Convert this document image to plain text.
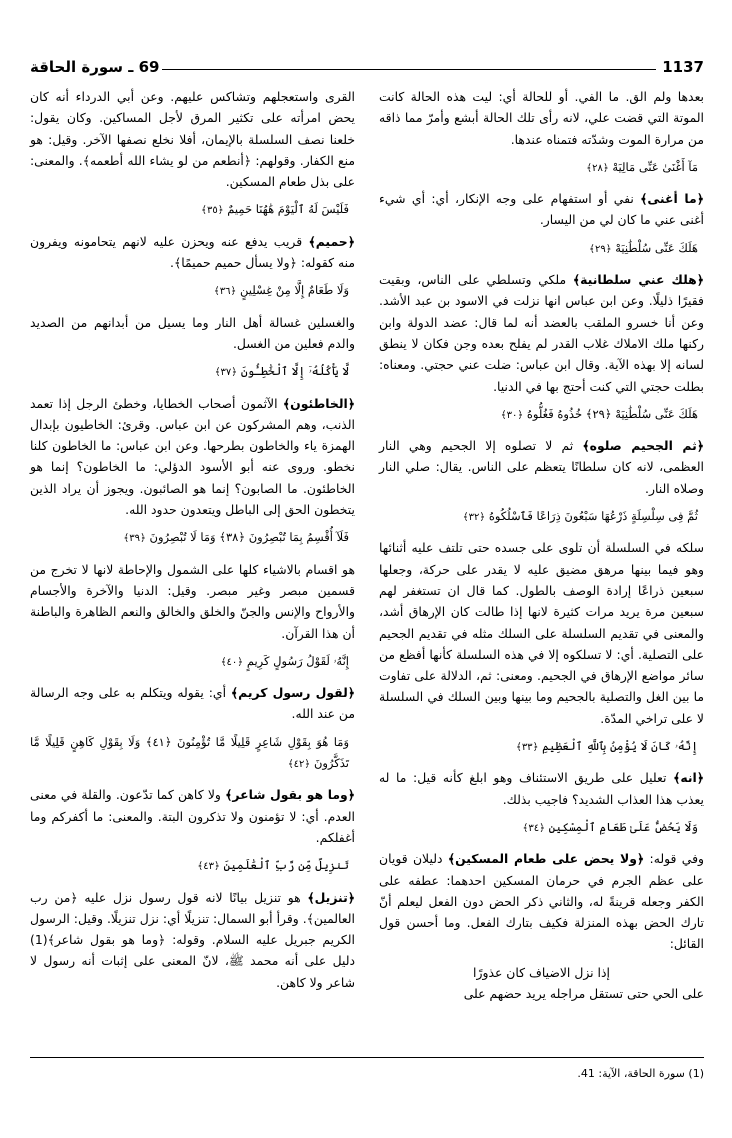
1137
69 ـ سورة الحاقة

بعدها ولم الق. ما الفي. أو للحالة أي: ليت هذه الحالة كانت الموتة التي قضت علي، لانه رأى تلك الحالة أبشع وأمرّ مما ذاقه من مرارة الموت وشدّته فتمناه عندها.

مَآ أَغْنَىٰ عَنِّى مَالِيَهْ ﴿٢٨﴾

﴿ما أغنى﴾ نفي أو استفهام على وجه الإنكار، أي: أي شيء أغنى عني ما كان لي من اليسار.

هَلَكَ عَنِّى سُلْطَٰنِيَهْ ﴿٢٩﴾

﴿هلك عني سلطانية﴾ ملكي وتسلطي على الناس، وبقيت فقيرًا ذليلًا. وعن ابن عباس انها نزلت في الاسود بن عبد الأشد. وعن أنا خسرو الملقب بالعضد أنه لما قال: عضد الدولة وابن ركنها ملك الاملاك غلاب القدر لم يفلح بعده وجن فكان لا ينطق لسانه إلا بهذه الآية. وقال ابن عباس: ضلت عني حجتي. ومعناه: بطلت حجتي التي كنت أحتج بها في الدنيا.

هَلَكَ عَنِّى سُلْطَٰنِيَهْ ﴿٢٩﴾ خُذُوهُ فَغُلُّوهُ ﴿٣٠﴾

﴿ثم الجحيم صلوه﴾ ثم لا تصلوه إلا الجحيم وهي النار العظمى، لانه كان سلطانًا يتعظم على الناس. يقال: صلي النار وصلاه النار.

ثُمَّ فِى سِلْسِلَةٍ ذَرْعُهَا سَبْعُونَ ذِرَاعًا فَٱسْلُكُوهُ ﴿٣٢﴾

سلكه في السلسلة أن تلوى على جسده حتى تلتف عليه أثنائها وهو فيما بينها مرهق مضيق عليه لا يقدر على حركة، وجعلها سبعين ذراعًا إرادة الوصف بالطول. كما قال ان تستغفر لهم سبعين مرة يريد مرات كثيرة لانها إذا طالت كان الإرهاق أشد، والمعنى في تقديم السلسلة على السلك مثله في تقديم الجحيم على التصلية. أي: لا تسلكوه إلا في هذه السلسلة كأنها أفظع من سائر مواضع الإرهاق في الجحيم. ومعنى: ثم، الدلالة على تفاوت ما بين الغل والتصلية بالجحيم وما بينها وبين السلك في السلسلة لا على تراخي المدّة.

إِنَّهُۥ كَانَ لَا يُؤْمِنُ بِٱللَّهِ ٱلْعَظِيمِ ﴿٣٣﴾

﴿انه﴾ تعليل على طريق الاستئناف وهو ابلغ كأنه قيل: ما له يعذب هذا العذاب الشديد؟ فاجيب بذلك.

وَلَا يَحُضُّ عَلَىٰ طَعَامِ ٱلْمِسْكِينِ ﴿٣٤﴾

وفي قوله: ﴿ولا يحض على طعام المسكين﴾ دليلان قويان على عظم الجرم في حرمان المسكين احدهما: عطفه على الكفر وجعله قرينةً له، والثاني ذكر الحض دون الفعل ليعلم أنّ تارك الحض بهذه المنزلة فكيف بتارك الفعل. وما أحسن قول القائل:

إذا نزل الاضياف كان عذورًا

على الحي حتى تستقل مراجله يريد حضهم على

القرى واستعجلهم وتشاكس عليهم. وعن أبي الدرداء أنه كان يحض امرأته على تكثير المرق لأجل المساكين. وكان يقول: خلعنا نصف السلسلة بالإيمان، أفلا نخلع نصفها الآخر. وقيل: هو منع الكفار. وقولهم: ﴿أنطعم من لو يشاء الله أطعمه﴾. والمعنى: على بذل طعام المسكين.

فَلَيْسَ لَهُ ٱلْيَوْمَ هَٰهُنَا حَمِيمٌ ﴿٣٥﴾

﴿حميم﴾ قريب يدفع عنه ويحزن عليه لانهم يتحامونه ويفرون منه كقوله: ﴿ولا يسأل حميم حميمًا﴾.

وَلَا طَعَامٌ إِلَّا مِنْ غِسْلِينٍ ﴿٣٦﴾

والغسلين غسالة أهل النار وما يسيل من أبدانهم من الصديد والدم فعلين من الغسل.

لَّا يَأْكُلُهُۥٓ إِلَّا ٱلْخَٰطِـُٔونَ ﴿٣٧﴾

﴿الخاطئون﴾ الآثمون أصحاب الخطايا، وخطئ الرجل إذا تعمد الذنب، وهم المشركون عن ابن عباس. وقرئ: الخاطيون بإبدال الهمزة ياء والخاطون بطرحها. وعن ابن عباس: ما الخاطون كلنا نخطو. وروى عنه أبو الأسود الدؤلي: ما الخاطون؟ إنما هو الخاطئون. ما الصابون؟ إنما هو الصائبون. ويجوز أن يراد الذين يتخطون الحق إلى الباطل ويتعدون حدود الله.

فَلَآ أُقْسِمُ بِمَا تُبْصِرُونَ ﴿٣٨﴾ وَمَا لَا تُبْصِرُونَ ﴿٣٩﴾

هو اقسام بالاشياء كلها على الشمول والإحاطة لانها لا تخرج من قسمين مبصر وغير مبصر. وقيل: الدنيا والآخرة والأجسام والأرواح والإنس والجنّ والخلق والخالق والنعم الظاهرة والباطنة أن هذا القرآن.

إِنَّهُۥ لَقَوْلُ رَسُولٍ كَرِيمٍ ﴿٤٠﴾

﴿لقول رسول كريم﴾ أي: يقوله ويتكلم به على وجه الرسالة من عند الله.

وَمَا هُوَ بِقَوْلِ شَاعِرٍ قَلِيلًا مَّا تُؤْمِنُونَ ﴿٤١﴾ وَلَا بِقَوْلِ كَاهِنٍ قَلِيلًا مَّا تَذَكَّرُونَ ﴿٤٢﴾

﴿وما هو بقول شاعر﴾ ولا كاهن كما تدّعون. والقلة في معنى العدم. أي: لا تؤمنون ولا تذكرون البتة. والمعنى: ما أكفركم وما أغفلكم.

تَنزِيلٌ مِّن رَّبِّ ٱلْعَٰلَمِينَ ﴿٤٣﴾

﴿تنزيل﴾ هو تنزيل بيانًا لانه قول رسول نزل عليه ﴿من رب العالمين﴾. وقرأ أبو السمال: تنزيلًا أي: نزل تنزيلًا. وقيل: الرسول الكريم جبريل عليه السلام. وقوله: ﴿وما هو بقول شاعر﴾(1) دليل على أنه محمد ﷺ، لانّ المعنى على إثبات أنه رسول لا شاعر ولا كاهن.

(1) سورة الحاقة، الآية: 41.
